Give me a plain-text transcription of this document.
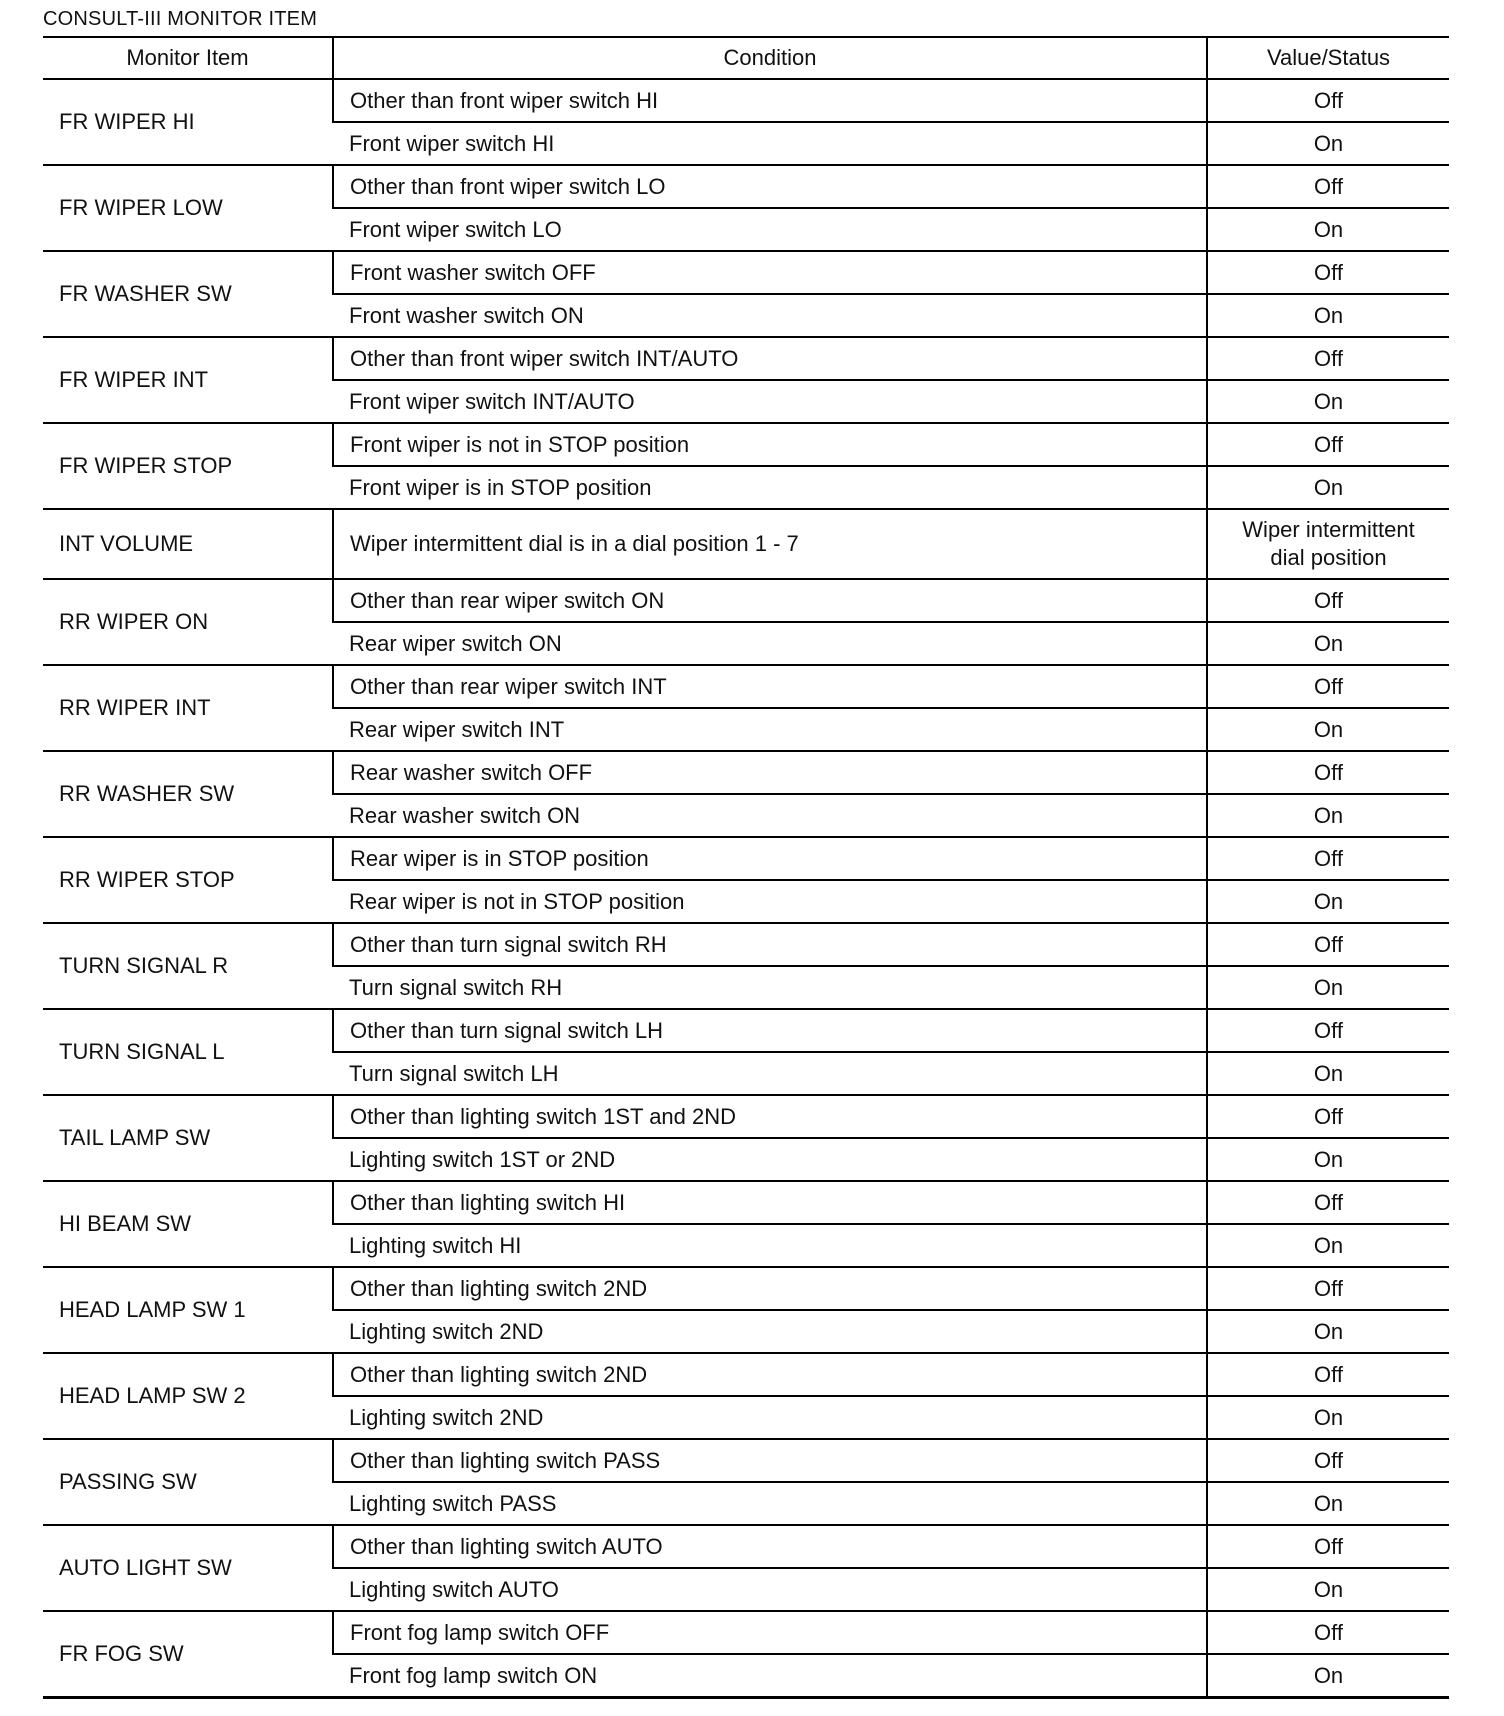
CONSULT-III MONITOR ITEM
Monitor Item	Condition	Value/Status
FR WIPER HI	Other than front wiper switch HI	Off
	Front wiper switch HI	On
FR WIPER LOW	Other than front wiper switch LO	Off
	Front wiper switch LO	On
FR WASHER SW	Front washer switch OFF	Off
	Front washer switch ON	On
FR WIPER INT	Other than front wiper switch INT/AUTO	Off
	Front wiper switch INT/AUTO	On
FR WIPER STOP	Front wiper is not in STOP position	Off
	Front wiper is in STOP position	On
INT VOLUME	Wiper intermittent dial is in a dial position 1 - 7	Wiper intermittent
dial position
RR WIPER ON	Other than rear wiper switch ON	Off
	Rear wiper switch ON	On
RR WIPER INT	Other than rear wiper switch INT	Off
	Rear wiper switch INT	On
RR WASHER SW	Rear washer switch OFF	Off
	Rear washer switch ON	On
RR WIPER STOP	Rear wiper is in STOP position	Off
	Rear wiper is not in STOP position	On
TURN SIGNAL R	Other than turn signal switch RH	Off
	Turn signal switch RH	On
TURN SIGNAL L	Other than turn signal switch LH	Off
	Turn signal switch LH	On
TAIL LAMP SW	Other than lighting switch 1ST and 2ND	Off
	Lighting switch 1ST or 2ND	On
HI BEAM SW	Other than lighting switch HI	Off
	Lighting switch HI	On
HEAD LAMP SW 1	Other than lighting switch 2ND	Off
	Lighting switch 2ND	On
HEAD LAMP SW 2	Other than lighting switch 2ND	Off
	Lighting switch 2ND	On
PASSING SW	Other than lighting switch PASS	Off
	Lighting switch PASS	On
AUTO LIGHT SW	Other than lighting switch AUTO	Off
	Lighting switch AUTO	On
FR FOG SW	Front fog lamp switch OFF	Off
	Front fog lamp switch ON	On
